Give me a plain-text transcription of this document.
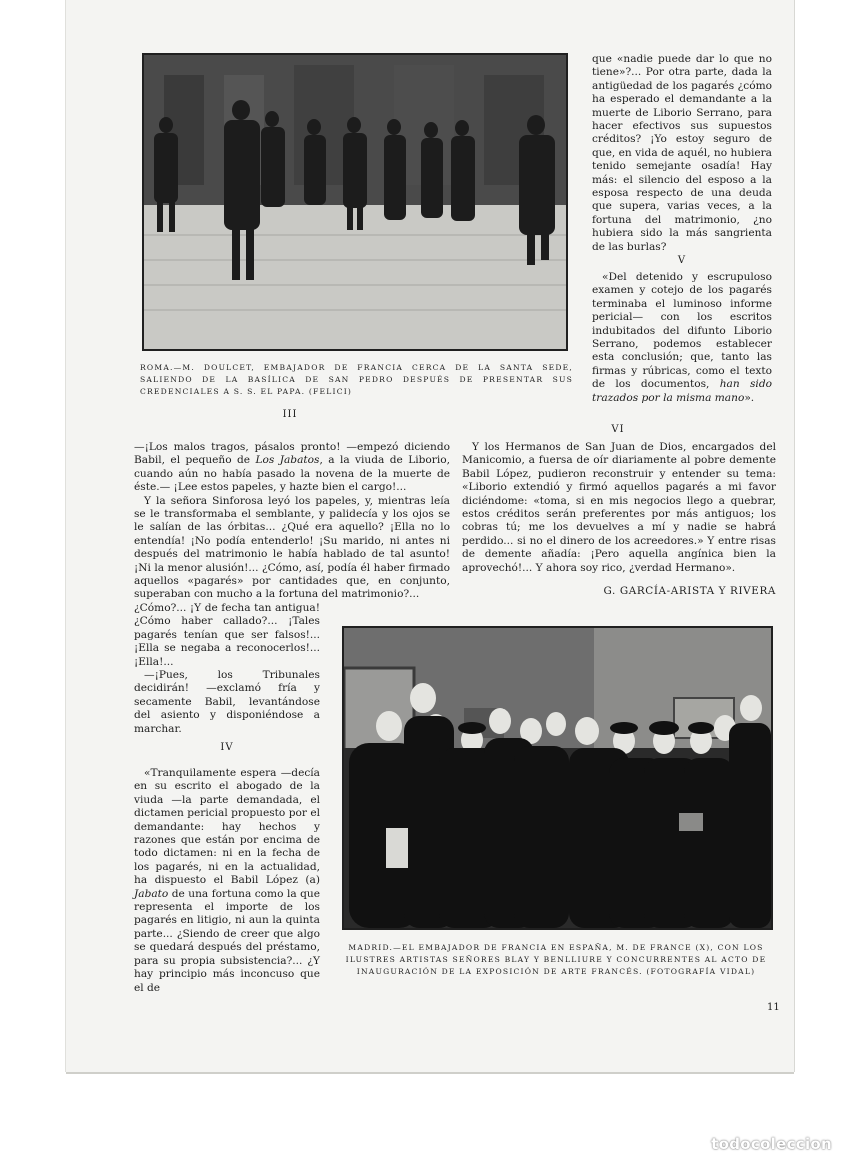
ROMA.—M. DOULCET, EMBAJADOR DE FRANCIA CERCA DE LA SANTA SEDE, SALIENDO DE LA BASÍLICA DE SAN PEDRO DESPUÉS DE PRESENTAR SUS CREDENCIALES A S. S. EL PAPA. (FELICI)

que «nadie puede dar lo que no tiene»?... Por otra parte, dada la antigüedad de los pagarés ¿cómo ha esperado el demandante a la muerte de Liborio Serrano, para hacer efectivos sus supuestos créditos? ¡Yo estoy seguro de que, en vida de aquél, no hubiera tenido semejante osadía! Hay más: el silencio del esposo a la esposa respecto de una deuda que supera, varias veces, a la fortuna del matrimonio, ¿no hubiera sido la más sangrienta de las burlas?

V

«Del detenido y escrupuloso examen y cotejo de los pagarés terminaba el luminoso informe pericial— con los escritos indubitados del difunto Liborio Serrano, podemos establecer esta conclusión; que, tanto las firmas y rúbricas, como el texto de los documentos, han sido trazados por la misma mano».

III
VI

—¡Los malos tragos, pásalos pronto! —empezó diciendo Babil, el pequeño de Los Jabatos, a la viuda de Liborio, cuando aún no había pasado la novena de la muerte de éste.— ¡Lee estos papeles, y hazte bien el cargo!...

Y la señora Sinforosa leyó los papeles, y, mientras leía se le transformaba el semblante, y palidecía y los ojos se le salían de las órbitas... ¿Qué era aquello? ¡Ella no lo entendía! ¡No podía entenderlo! ¡Su marido, ni antes ni después del matrimonio le había hablado de tal asunto! ¡Ni la menor alusión!... ¿Cómo, así, podía él haber firmado aquellos «pagarés» por cantidades que, en conjunto, superaban con mucho a la fortuna del matrimonio?...

¿Cómo?... ¡Y de fecha tan antigua! ¿Cómo haber callado?... ¡Tales pagarés tenían que ser falsos!... ¡Ella se negaba a reconocerlos!... ¡Ella!...

—¡Pues, los Tribunales decidirán! —exclamó fría y secamente Babil, levantándose del asiento y disponiéndose a marchar.

IV

«Tranquilamente espera —decía en su escrito el abogado de la viuda —la parte demandada, el dictamen pericial propuesto por el demandante: hay hechos y razones que están por encima de todo dictamen: ni en la fecha de los pagarés, ni en la actualidad, ha dispuesto el Babil López (a) Jabato de una fortuna como la que representa el importe de los pagarés en litigio, ni aun la quinta parte... ¿Siendo de creer que algo se quedará después del préstamo, para su propia subsistencia?... ¿Y hay principio más inconcuso que el de

Y los Hermanos de San Juan de Dios, encargados del Manicomio, a fuersa de oír diariamente al pobre demente Babil López, pudieron reconstruir y entender su tema: «Liborio extendió y firmó aquellos pagarés a mi favor diciéndome: «toma, si en mis negocios llego a quebrar, estos créditos serán preferentes por más antiguos; los cobras tú; me los devuelves a mí y nadie se habrá perdido... si no el dinero de los acreedores.» Y entre risas de demente añadía: ¡Pero aquella angínica bien la aprovechó!... Y ahora soy rico, ¿verdad Hermano».

G. GARCÍA-ARISTA Y RIVERA
MADRID.—EL EMBAJADOR DE FRANCIA EN ESPAÑA, M. DE FRANCE (X), CON LOS ILUSTRES ARTISTAS SEÑORES BLAY Y BENLLIURE Y CONCURRENTES AL ACTO DE INAUGURACIÓN DE LA EXPOSICIÓN DE ARTE FRANCÉS. (FOTOGRAFÍA VIDAL)
11
todocoleccion
